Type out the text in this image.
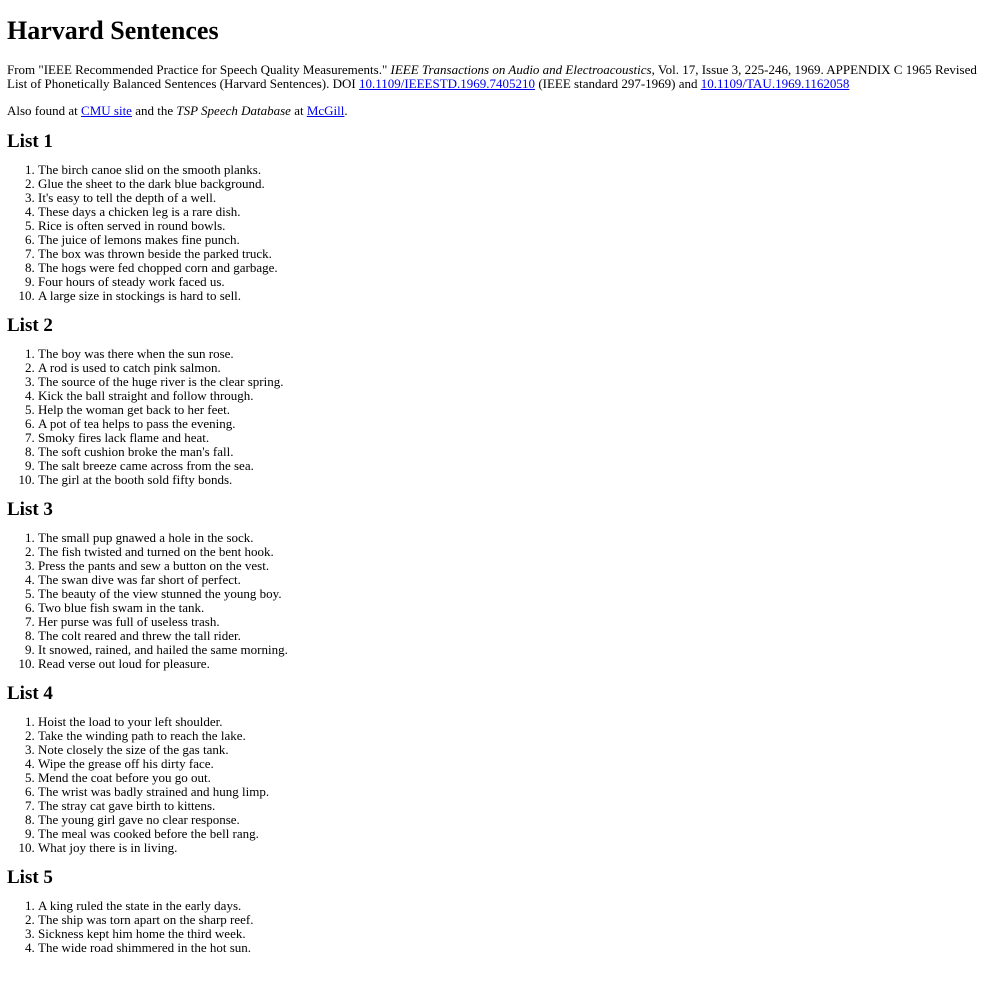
Harvard Sentences

From "IEEE Recommended Practice for Speech Quality Measurements." IEEE Transactions on Audio and Electroacoustics, Vol. 17, Issue 3, 225-246, 1969. APPENDIX C 1965 Revised List of Phonetically Balanced Sentences (Harvard Sentences). DOI 10.1109/IEEESTD.1969.7405210 (IEEE standard 297-1969) and 10.1109/TAU.1969.1162058

Also found at CMU site and the TSP Speech Database at McGill.

List 1
1. The birch canoe slid on the smooth planks.
2. Glue the sheet to the dark blue background.
3. It's easy to tell the depth of a well.
4. These days a chicken leg is a rare dish.
5. Rice is often served in round bowls.
6. The juice of lemons makes fine punch.
7. The box was thrown beside the parked truck.
8. The hogs were fed chopped corn and garbage.
9. Four hours of steady work faced us.
10. A large size in stockings is hard to sell.
List 2
1. The boy was there when the sun rose.
2. A rod is used to catch pink salmon.
3. The source of the huge river is the clear spring.
4. Kick the ball straight and follow through.
5. Help the woman get back to her feet.
6. A pot of tea helps to pass the evening.
7. Smoky fires lack flame and heat.
8. The soft cushion broke the man's fall.
9. The salt breeze came across from the sea.
10. The girl at the booth sold fifty bonds.
List 3
1. The small pup gnawed a hole in the sock.
2. The fish twisted and turned on the bent hook.
3. Press the pants and sew a button on the vest.
4. The swan dive was far short of perfect.
5. The beauty of the view stunned the young boy.
6. Two blue fish swam in the tank.
7. Her purse was full of useless trash.
8. The colt reared and threw the tall rider.
9. It snowed, rained, and hailed the same morning.
10. Read verse out loud for pleasure.
List 4
1. Hoist the load to your left shoulder.
2. Take the winding path to reach the lake.
3. Note closely the size of the gas tank.
4. Wipe the grease off his dirty face.
5. Mend the coat before you go out.
6. The wrist was badly strained and hung limp.
7. The stray cat gave birth to kittens.
8. The young girl gave no clear response.
9. The meal was cooked before the bell rang.
10. What joy there is in living.
List 5
1. A king ruled the state in the early days.
2. The ship was torn apart on the sharp reef.
3. Sickness kept him home the third week.
4. The wide road shimmered in the hot sun.
